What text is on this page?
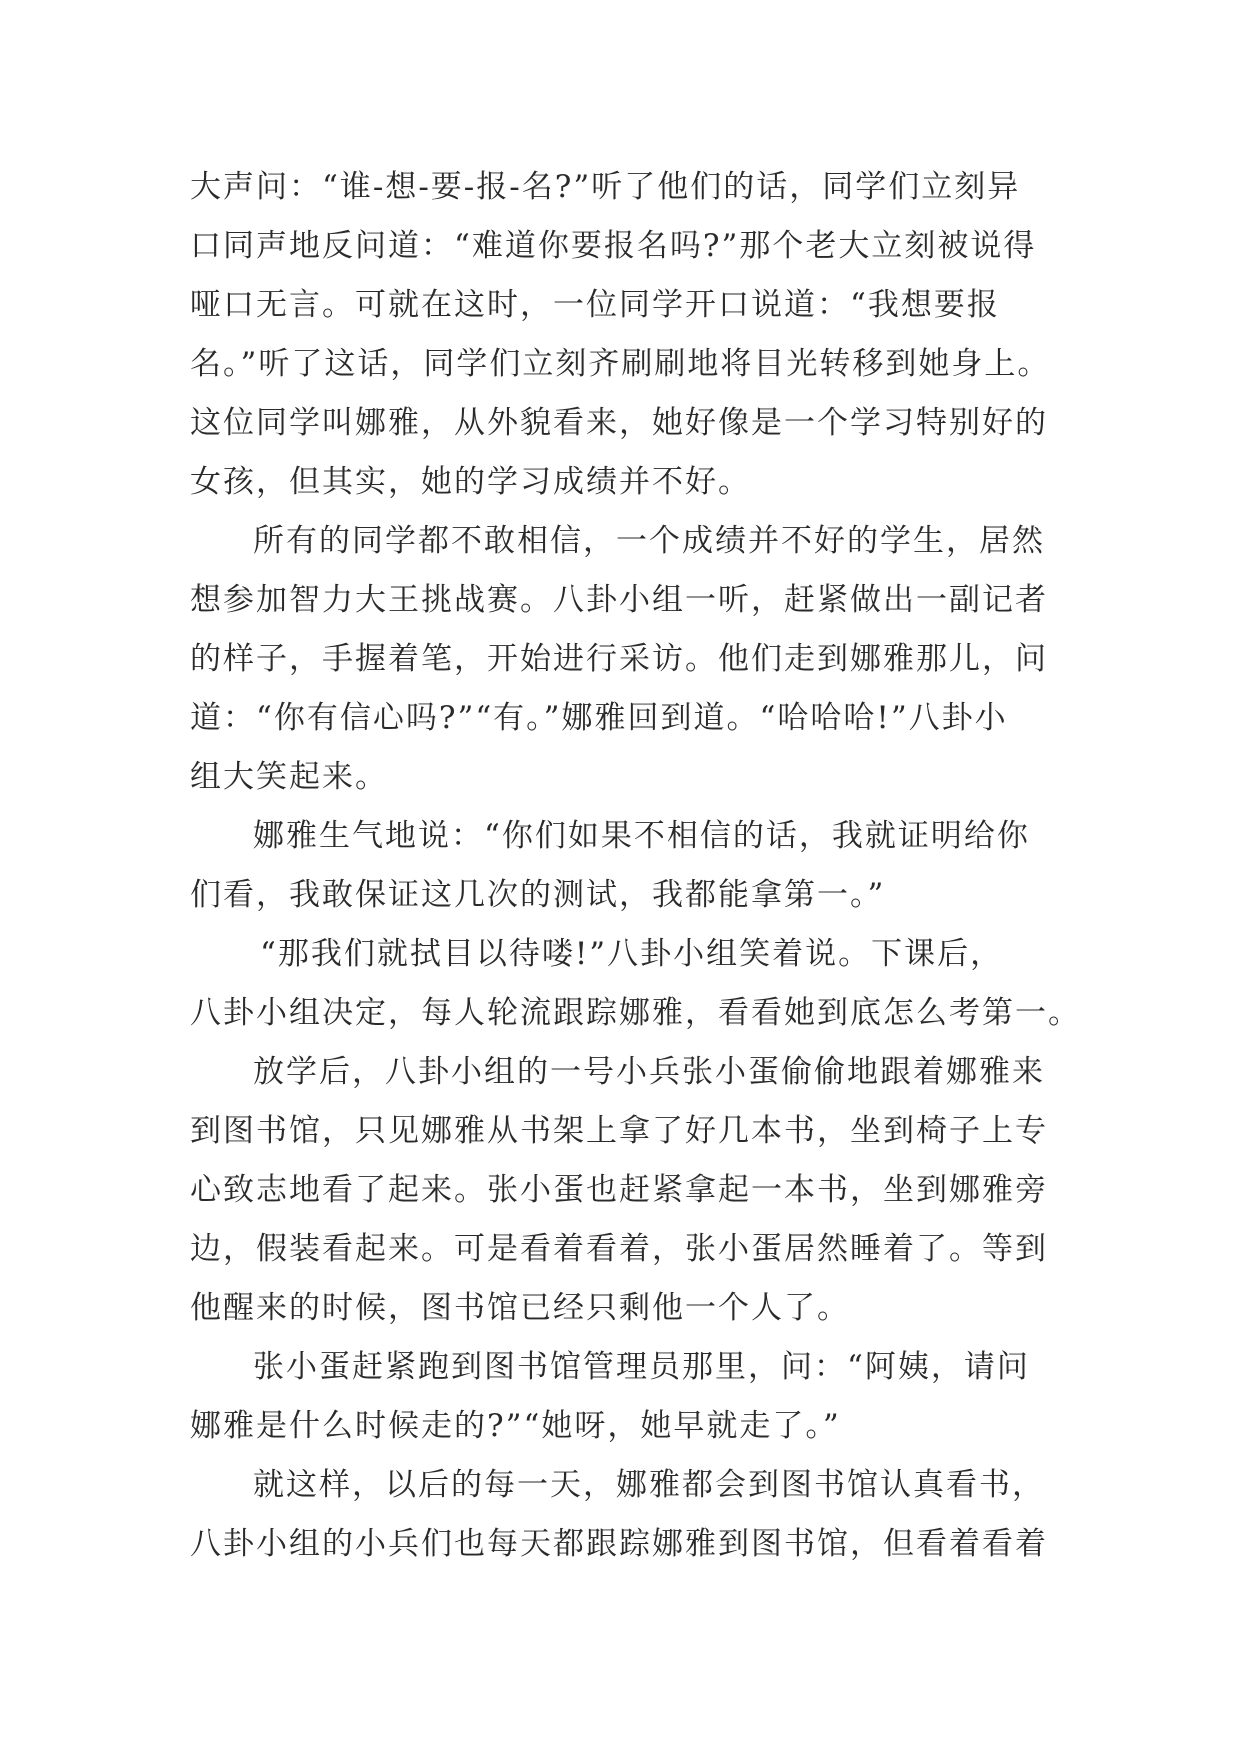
大声问：“谁-想-要-报-名?”听了他们的话，同学们立刻异
口同声地反问道：“难道你要报名吗?”那个老大立刻被说得
哑口无言。可就在这时，一位同学开口说道：“我想要报
名。”听了这话，同学们立刻齐刷刷地将目光转移到她身上。
这位同学叫娜雅，从外貌看来，她好像是一个学习特别好的
女孩，但其实，她的学习成绩并不好。
所有的同学都不敢相信，一个成绩并不好的学生，居然
想参加智力大王挑战赛。八卦小组一听，赶紧做出一副记者
的样子，手握着笔，开始进行采访。他们走到娜雅那儿，问
道：“你有信心吗?”“有。”娜雅回到道。“哈哈哈!”八卦小
组大笑起来。
娜雅生气地说：“你们如果不相信的话，我就证明给你
们看，我敢保证这几次的测试，我都能拿第一。”
“那我们就拭目以待喽!”八卦小组笑着说。下课后，
八卦小组决定，每人轮流跟踪娜雅，看看她到底怎么考第一。
放学后，八卦小组的一号小兵张小蛋偷偷地跟着娜雅来
到图书馆，只见娜雅从书架上拿了好几本书，坐到椅子上专
心致志地看了起来。张小蛋也赶紧拿起一本书，坐到娜雅旁
边，假装看起来。可是看着看着，张小蛋居然睡着了。等到
他醒来的时候，图书馆已经只剩他一个人了。
张小蛋赶紧跑到图书馆管理员那里，问：“阿姨，请问
娜雅是什么时候走的?”“她呀，她早就走了。”
就这样，以后的每一天，娜雅都会到图书馆认真看书，
八卦小组的小兵们也每天都跟踪娜雅到图书馆，但看着看着
